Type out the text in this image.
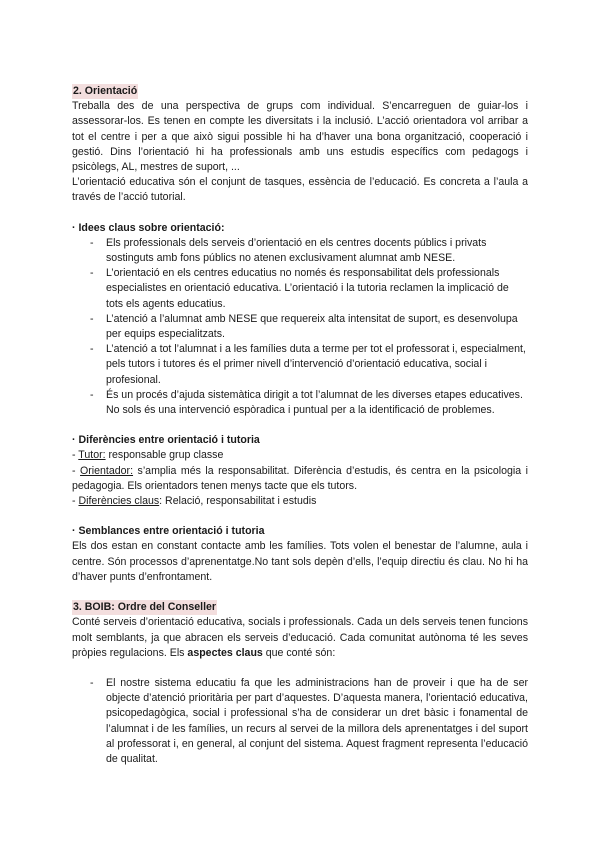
2. Orientació

Treballa des de una perspectiva de grups com individual. S’encarreguen de guiar-los i assessorar-los. Es tenen en compte les diversitats i la inclusió. L’acció orientadora vol arribar a tot el centre i per a que això sigui possible hi ha d’haver una bona organització, cooperació i gestió. Dins l’orientació hi ha professionals amb uns estudis específics com pedagogs i psicòlegs, AL, mestres de suport, ...

L’orientació educativa són el conjunt de tasques, essència de l’educació. Es concreta a l’aula a través de l’acció tutorial.

· Idees claus sobre orientació:
- Els professionals dels serveis d’orientació en els centres docents públics i privats sostinguts amb fons públics no atenen exclusivament alumnat amb NESE.
- L’orientació en els centres educatius no només és responsabilitat dels professionals especialistes en orientació educativa. L’orientació i la tutoria reclamen la implicació de tots els agents educatius.
- L’atenció a l’alumnat amb NESE que requereix alta intensitat de suport, es desenvolupa per equips especialitzats.
- L’atenció a tot l’alumnat i a les famílies duta a terme per tot el professorat i, especialment, pels tutors i tutores és el primer nivell d’intervenció d’orientació educativa, social i profesional.
- És un procés d’ajuda sistemàtica dirigit a tot l’alumnat de les diverses etapes educatives. No sols és una intervenció espòradica i puntual per a la identificació de problemes.
· Diferències entre orientació i tutoria

- Tutor: responsable grup classe

- Orientador: s’amplia més la responsabilitat. Diferència d’estudis, és centra en la psicologia i pedagogia. Els orientadors tenen menys tacte que els tutors.

- Diferències claus: Relació, responsabilitat i estudis

· Semblances entre orientació i tutoria

Els dos estan en constant contacte amb les famílies. Tots volen el benestar de l’alumne, aula i centre. Són processos d’aprenentatge.No tant sols depèn d’ells, l’equip directiu és clau. No hi ha d’haver punts d’enfrontament.

3. BOIB: Ordre del Conseller

Conté serveis d’orientació educativa, socials i professionals. Cada un dels serveis tenen funcions molt semblants, ja que abracen els serveis d’educació. Cada comunitat autònoma té les seves pròpies regulacions. Els aspectes claus que conté són:

- El nostre sistema educatiu fa que les administracions han de proveir i que ha de ser objecte d’atenció prioritària per part d’aquestes. D’aquesta manera, l’orientació educativa, psicopedagògica, social i professional s’ha de considerar un dret bàsic i fonamental de l’alumnat i de les famílies, un recurs al servei de la millora dels aprenentatges i del suport al professorat i, en general, al conjunt del sistema. Aquest fragment representa l’educació de qualitat.
